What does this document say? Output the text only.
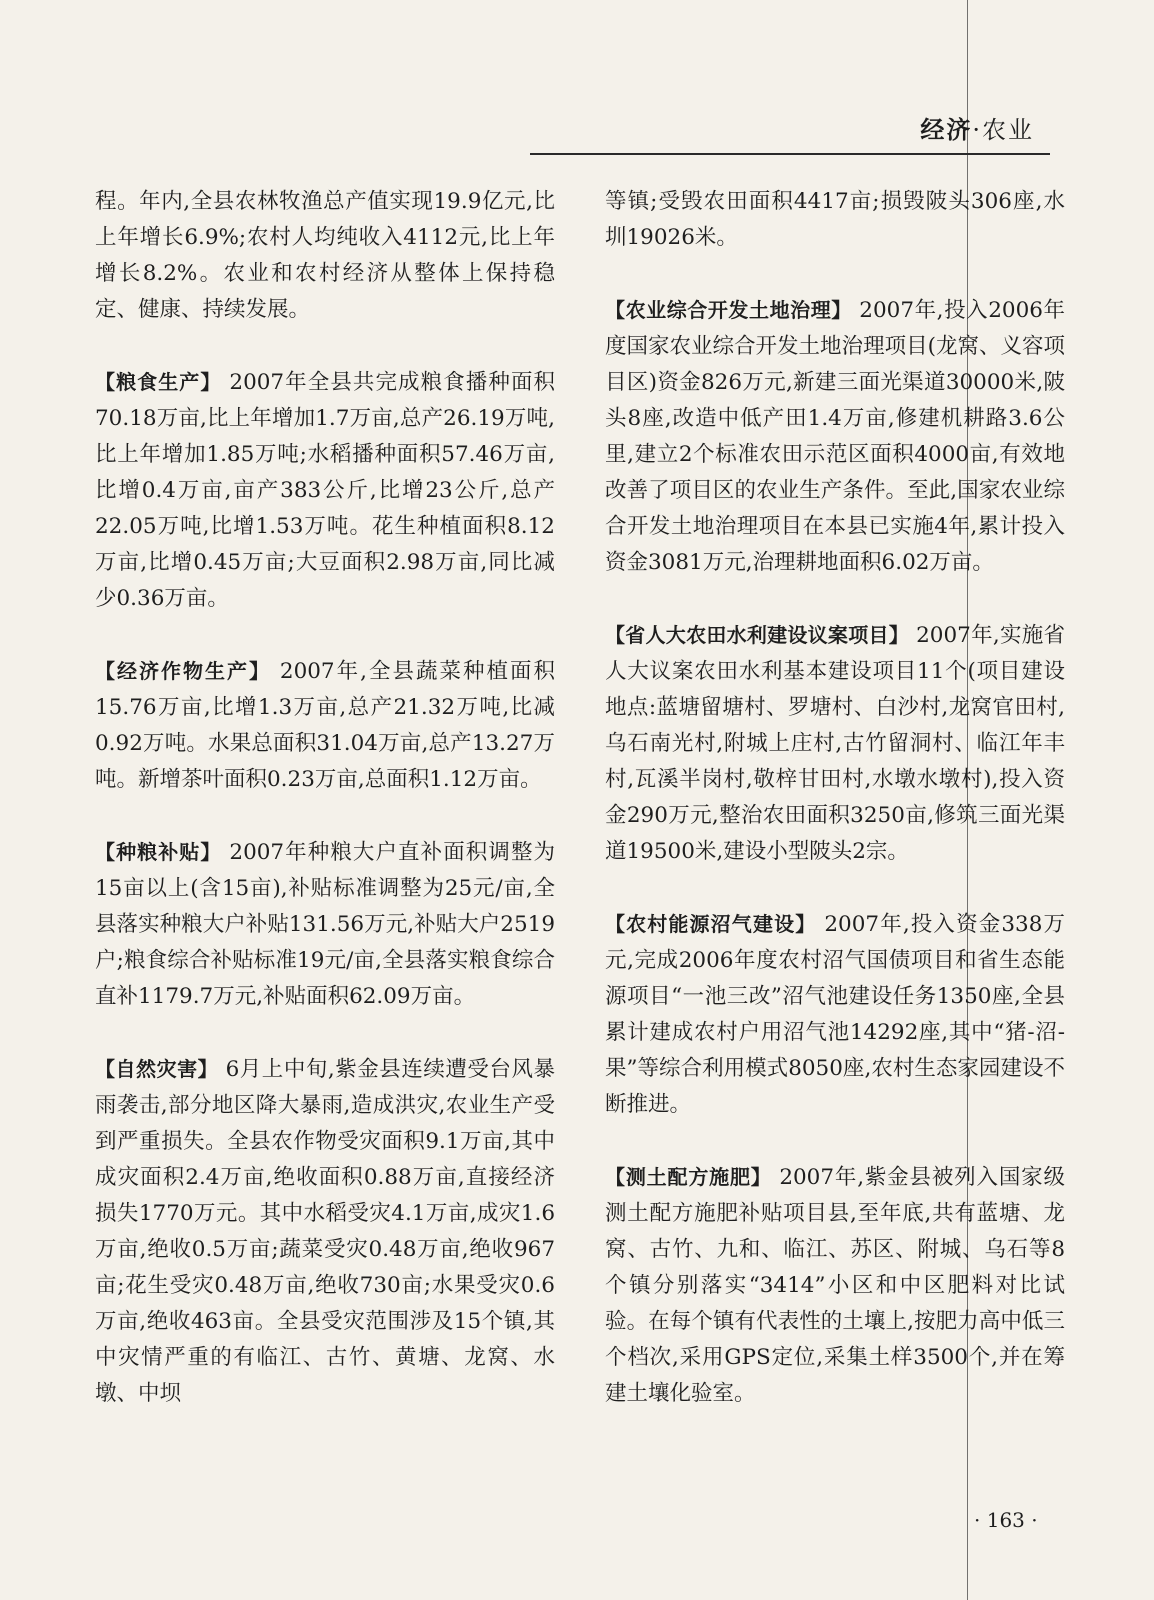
经济·农业

程。年内,全县农林牧渔总产值实现19.9亿元,比上年增长6.9%;农村人均纯收入4112元,比上年增长8.2%。农业和农村经济从整体上保持稳定、健康、持续发展。

【粮食生产】 2007年全县共完成粮食播种面积70.18万亩,比上年增加1.7万亩,总产26.19万吨,比上年增加1.85万吨;水稻播种面积57.46万亩,比增0.4万亩,亩产383公斤,比增23公斤,总产22.05万吨,比增1.53万吨。花生种植面积8.12万亩,比增0.45万亩;大豆面积2.98万亩,同比减少0.36万亩。

【经济作物生产】 2007年,全县蔬菜种植面积15.76万亩,比增1.3万亩,总产21.32万吨,比减0.92万吨。水果总面积31.04万亩,总产13.27万吨。新增茶叶面积0.23万亩,总面积1.12万亩。

【种粮补贴】 2007年种粮大户直补面积调整为15亩以上(含15亩),补贴标准调整为25元/亩,全县落实种粮大户补贴131.56万元,补贴大户2519户;粮食综合补贴标准19元/亩,全县落实粮食综合直补1179.7万元,补贴面积62.09万亩。

【自然灾害】 6月上中旬,紫金县连续遭受台风暴雨袭击,部分地区降大暴雨,造成洪灾,农业生产受到严重损失。全县农作物受灾面积9.1万亩,其中成灾面积2.4万亩,绝收面积0.88万亩,直接经济损失1770万元。其中水稻受灾4.1万亩,成灾1.6万亩,绝收0.5万亩;蔬菜受灾0.48万亩,绝收967亩;花生受灾0.48万亩,绝收730亩;水果受灾0.6万亩,绝收463亩。全县受灾范围涉及15个镇,其中灾情严重的有临江、古竹、黄塘、龙窝、水墩、中坝

等镇;受毁农田面积4417亩;损毁陂头306座,水圳19026米。

【农业综合开发土地治理】 2007年,投入2006年度国家农业综合开发土地治理项目(龙窝、义容项目区)资金826万元,新建三面光渠道30000米,陂头8座,改造中低产田1.4万亩,修建机耕路3.6公里,建立2个标准农田示范区面积4000亩,有效地改善了项目区的农业生产条件。至此,国家农业综合开发土地治理项目在本县已实施4年,累计投入资金3081万元,治理耕地面积6.02万亩。

【省人大农田水利建设议案项目】 2007年,实施省人大议案农田水利基本建设项目11个(项目建设地点:蓝塘留塘村、罗塘村、白沙村,龙窝官田村,乌石南光村,附城上庄村,古竹留洞村、临江年丰村,瓦溪半岗村,敬梓甘田村,水墩水墩村),投入资金290万元,整治农田面积3250亩,修筑三面光渠道19500米,建设小型陂头2宗。

【农村能源沼气建设】 2007年,投入资金338万元,完成2006年度农村沼气国债项目和省生态能源项目“一池三改”沼气池建设任务1350座,全县累计建成农村户用沼气池14292座,其中“猪-沼-果”等综合利用模式8050座,农村生态家园建设不断推进。

【测土配方施肥】 2007年,紫金县被列入国家级测土配方施肥补贴项目县,至年底,共有蓝塘、龙窝、古竹、九和、临江、苏区、附城、乌石等8个镇分别落实“3414”小区和中区肥料对比试验。在每个镇有代表性的土壤上,按肥力高中低三个档次,采用GPS定位,采集土样3500个,并在筹建土壤化验室。

· 163 ·
